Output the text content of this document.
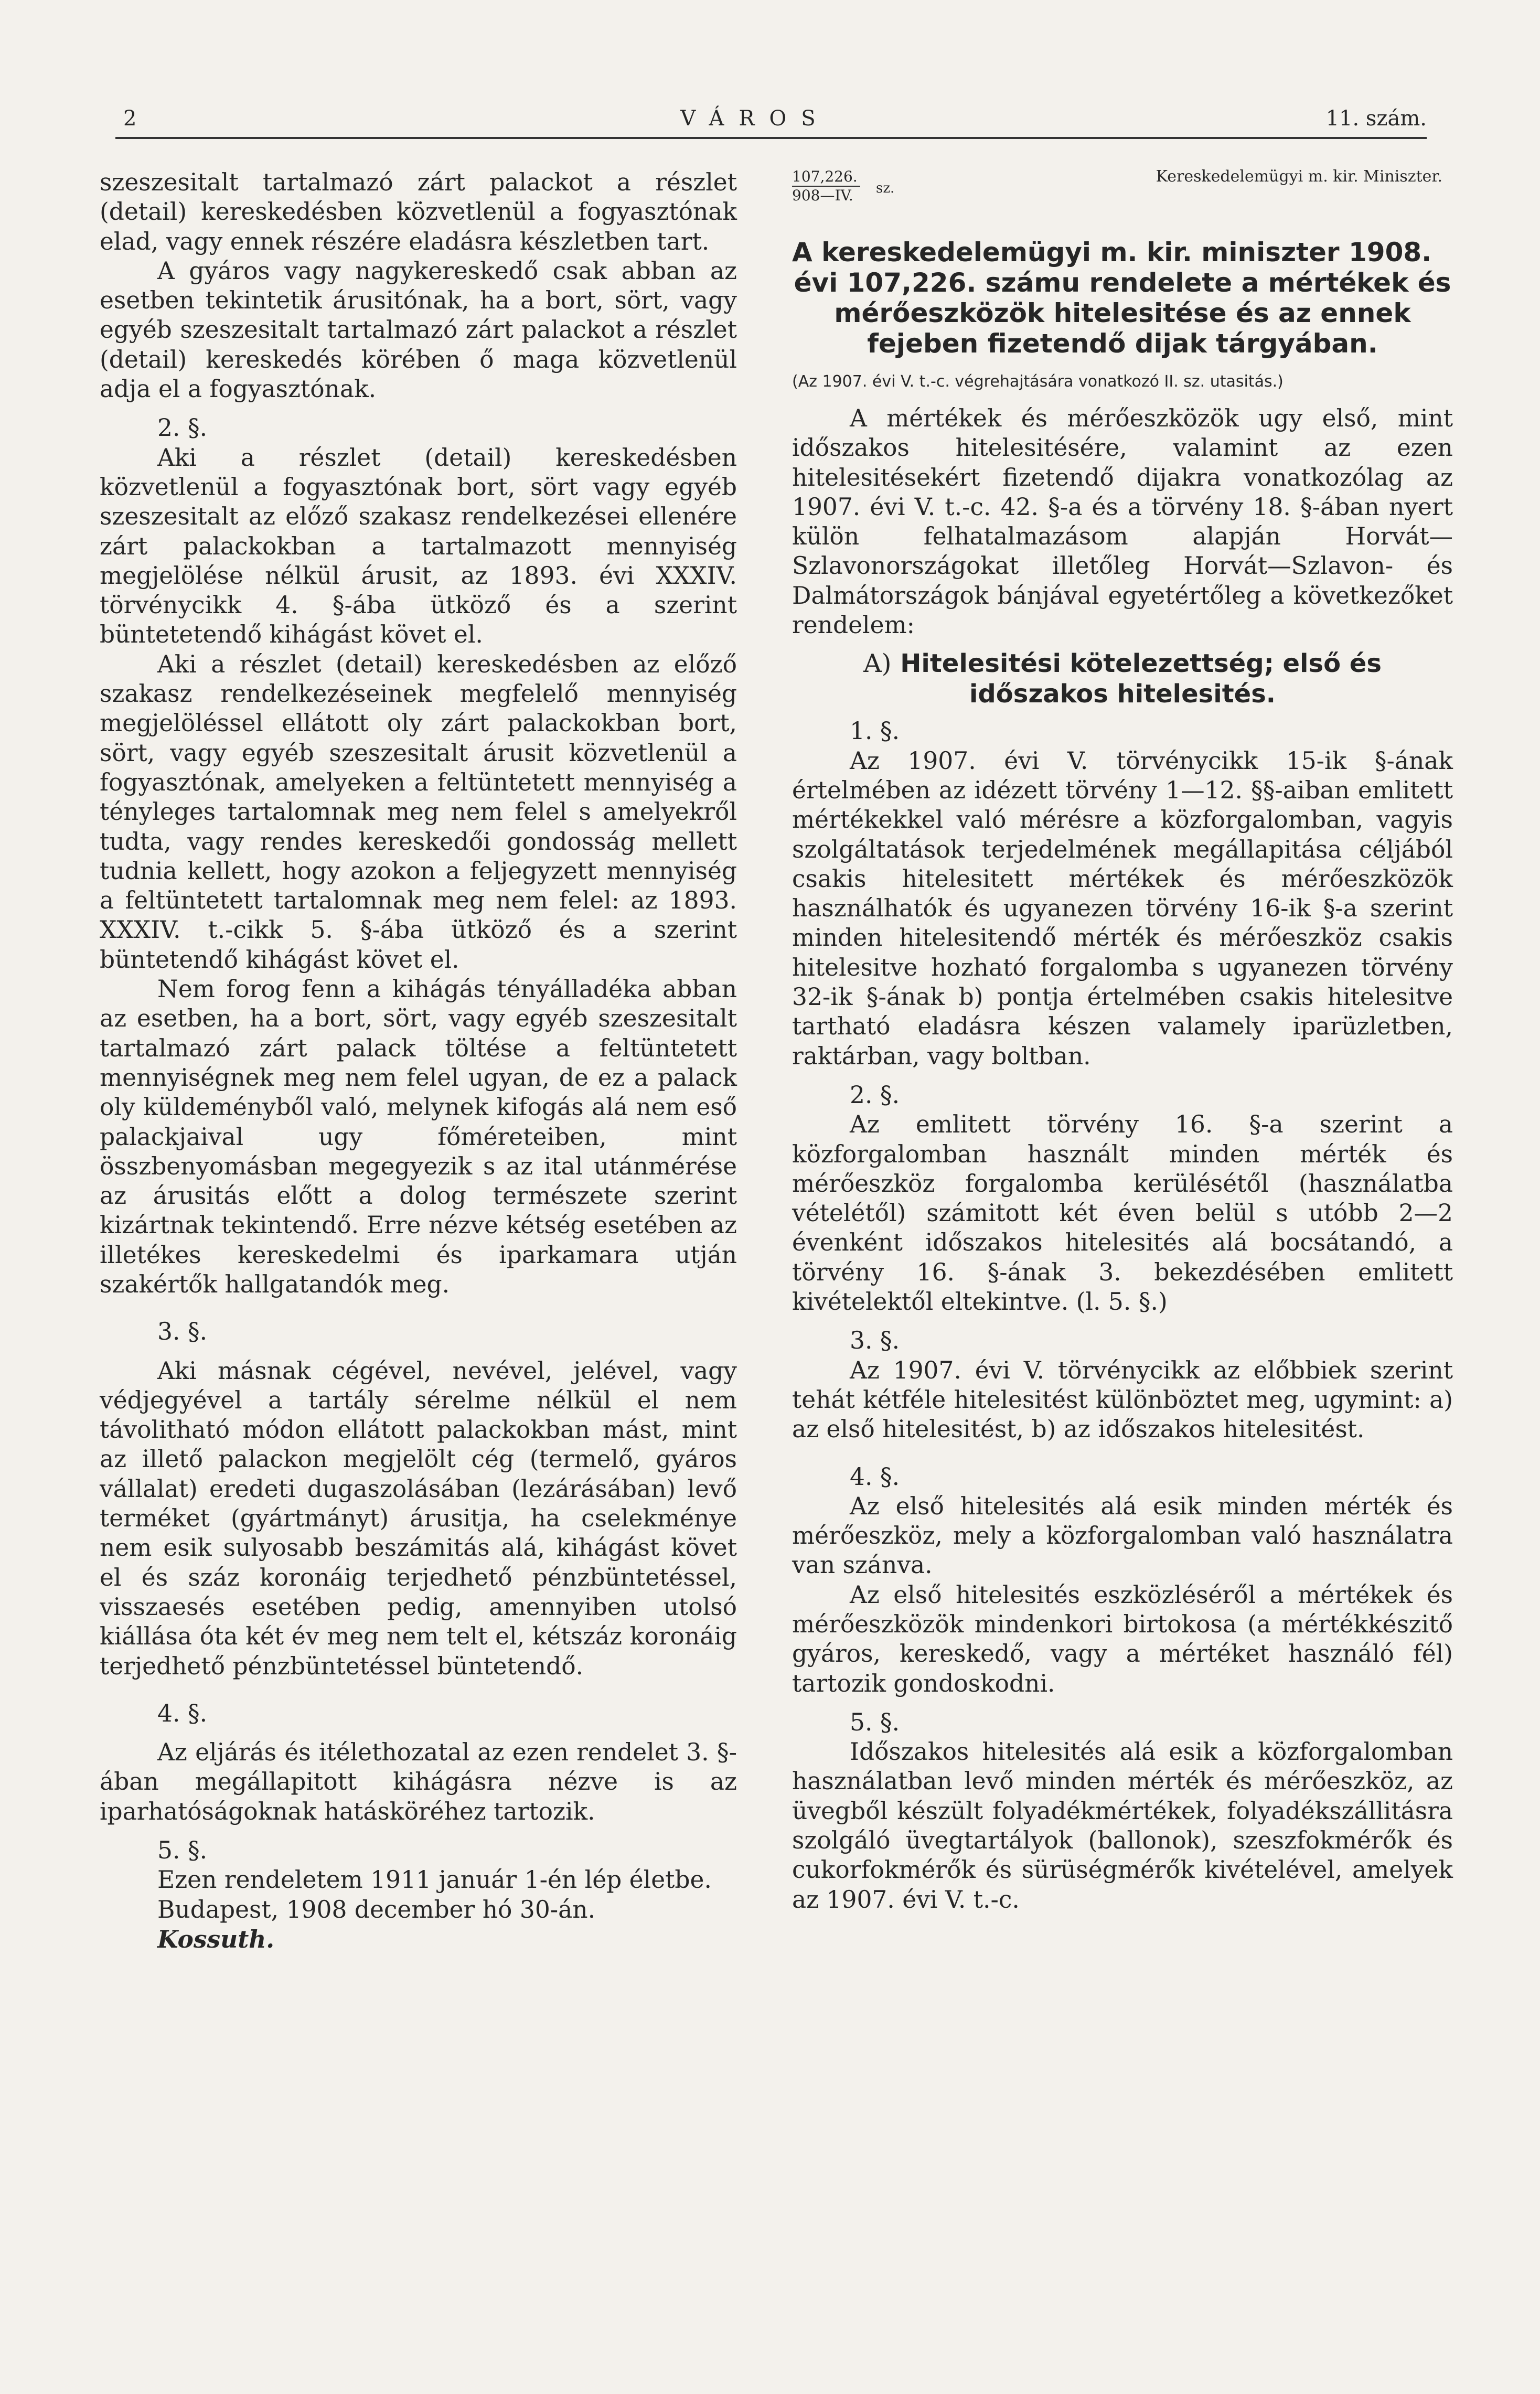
2	VÁROS	11. szám.

szeszesitalt tartalmazó zárt palackot a részlet (detail) kereskedésben közvetlenül a fogyasztónak elad, vagy ennek részére eladásra készletben tart.

A gyáros vagy nagykereskedő csak abban az esetben tekintetik árusitónak, ha a bort, sört, vagy egyéb szeszesitalt tartalmazó zárt palackot a részlet (detail) kereskedés körében ő maga közvetlenül adja el a fogyasztónak.

2. §.

Aki a részlet (detail) kereskedésben közvetlenül a fogyasztónak bort, sört vagy egyéb szeszesitalt az előző szakasz rendelkezései ellenére zárt palackokban a tartalmazott mennyiség megjelölése nélkül árusit, az 1893. évi XXXIV. törvénycikk 4. §-ába ütköző és a szerint büntetetendő kihágást követ el.

Aki a részlet (detail) kereskedésben az előző szakasz rendelkezéseinek megfelelő mennyiség megjelöléssel ellátott oly zárt palackokban bort, sört, vagy egyéb szeszesitalt árusit közvetlenül a fogyasztónak, amelyeken a feltüntetett mennyiség a tényleges tartalomnak meg nem felel s amelyekről tudta, vagy rendes kereskedői gondosság mellett tudnia kellett, hogy azokon a feljegyzett mennyiség a feltüntetett tartalomnak meg nem felel: az 1893. XXXIV. t.-cikk 5. §-ába ütköző és a szerint büntetendő kihágást követ el.

Nem forog fenn a kihágás tényálladéka abban az esetben, ha a bort, sört, vagy egyéb szeszesitalt tartalmazó zárt palack töltése a feltüntetett mennyiségnek meg nem felel ugyan, de ez a palack oly küldeményből való, melynek kifogás alá nem eső palackjaival ugy főméreteiben, mint összbenyomásban megegyezik s az ital utánmérése az árusitás előtt a dolog természete szerint kizártnak tekintendő. Erre nézve kétség esetében az illetékes kereskedelmi és iparkamara utján szakértők hallgatandók meg.

3. §.

Aki másnak cégével, nevével, jelével, vagy védjegyével a tartály sérelme nélkül el nem távolitható módon ellátott palackokban mást, mint az illető palackon megjelölt cég (termelő, gyáros vállalat) eredeti dugaszolásában (lezárásában) levő terméket (gyártmányt) árusitja, ha cselekménye nem esik sulyosabb beszámitás alá, kihágást követ el és száz koronáig terjedhető pénzbüntetéssel, visszaesés esetében pedig, amennyiben utolsó kiállása óta két év meg nem telt el, kétszáz koronáig terjedhető pénzbüntetéssel büntetendő.

4. §.

Az eljárás és itélethozatal az ezen rendelet 3. §-ában megállapitott kihágásra nézve is az iparhatóságoknak hatásköréhez tartozik.

5. §.

Ezen rendeletem 1911 január 1-én lép életbe.

Budapest, 1908 december hó 30-án.

Kossuth.

107,226.
908—IV. sz.
Kereskedelemügyi m. kir. Miniszter.
A kereskedelemügyi m. kir. miniszter 1908.
évi 107,226. számu rendelete a mértékek és mérőeszközök hitelesitése és az ennek fejeben fizetendő dijak tárgyában.
(Az 1907. évi V. t.-c. végrehajtására vonatkozó II. sz. utasitás.)

A mértékek és mérőeszközök ugy első, mint időszakos hitelesitésére, valamint az ezen hitelesitésekért fizetendő dijakra vonatkozólag az 1907. évi V. t.-c. 42. §-a és a törvény 18. §-ában nyert külön felhatalmazásom alapján Horvát—Szlavonországokat illetőleg Horvát—Szlavon- és Dalmátországok bánjával egyetértőleg a következőket rendelem:

A) Hitelesitési kötelezettség; első és időszakos hitelesités.

1. §.

Az 1907. évi V. törvénycikk 15-ik §-ának értelmében az idézett törvény 1—12. §§-aiban emlitett mértékekkel való mérésre a közforgalomban, vagyis szolgáltatások terjedelmének megállapitása céljából csakis hitelesitett mértékek és mérőeszközök használhatók és ugyanezen törvény 16-ik §-a szerint minden hitelesitendő mérték és mérőeszköz csakis hitelesitve hozható forgalomba s ugyanezen törvény 32-ik §-ának b) pontja értelmében csakis hitelesitve tartható eladásra készen valamely iparüzletben, raktárban, vagy boltban.

2. §.

Az emlitett törvény 16. §-a szerint a közforgalomban használt minden mérték és mérőeszköz forgalomba kerülésétől (használatba vételétől) számitott két éven belül s utóbb 2—2 évenként időszakos hitelesités alá bocsátandó, a törvény 16. §-ának 3. bekezdésében emlitett kivételektől eltekintve. (l. 5. §.)

3. §.

Az 1907. évi V. törvénycikk az előbbiek szerint tehát kétféle hitelesitést különböztet meg, ugymint: a) az első hitelesitést, b) az időszakos hitelesitést.

4. §.

Az első hitelesités alá esik minden mérték és mérőeszköz, mely a közforgalomban való használatra van szánva.

Az első hitelesités eszközléséről a mértékek és mérőeszközök mindenkori birtokosa (a mértékkészitő gyáros, kereskedő, vagy a mértéket használó fél) tartozik gondoskodni.

5. §.

Időszakos hitelesités alá esik a közforgalomban használatban levő minden mérték és mérőeszköz, az üvegből készült folyadékmértékek, folyadékszállitásra szolgáló üvegtartályok (ballonok), szeszfokmérők és cukorfokmérők és sürüségmérők kivételével, amelyek az 1907. évi V. t.-c.
